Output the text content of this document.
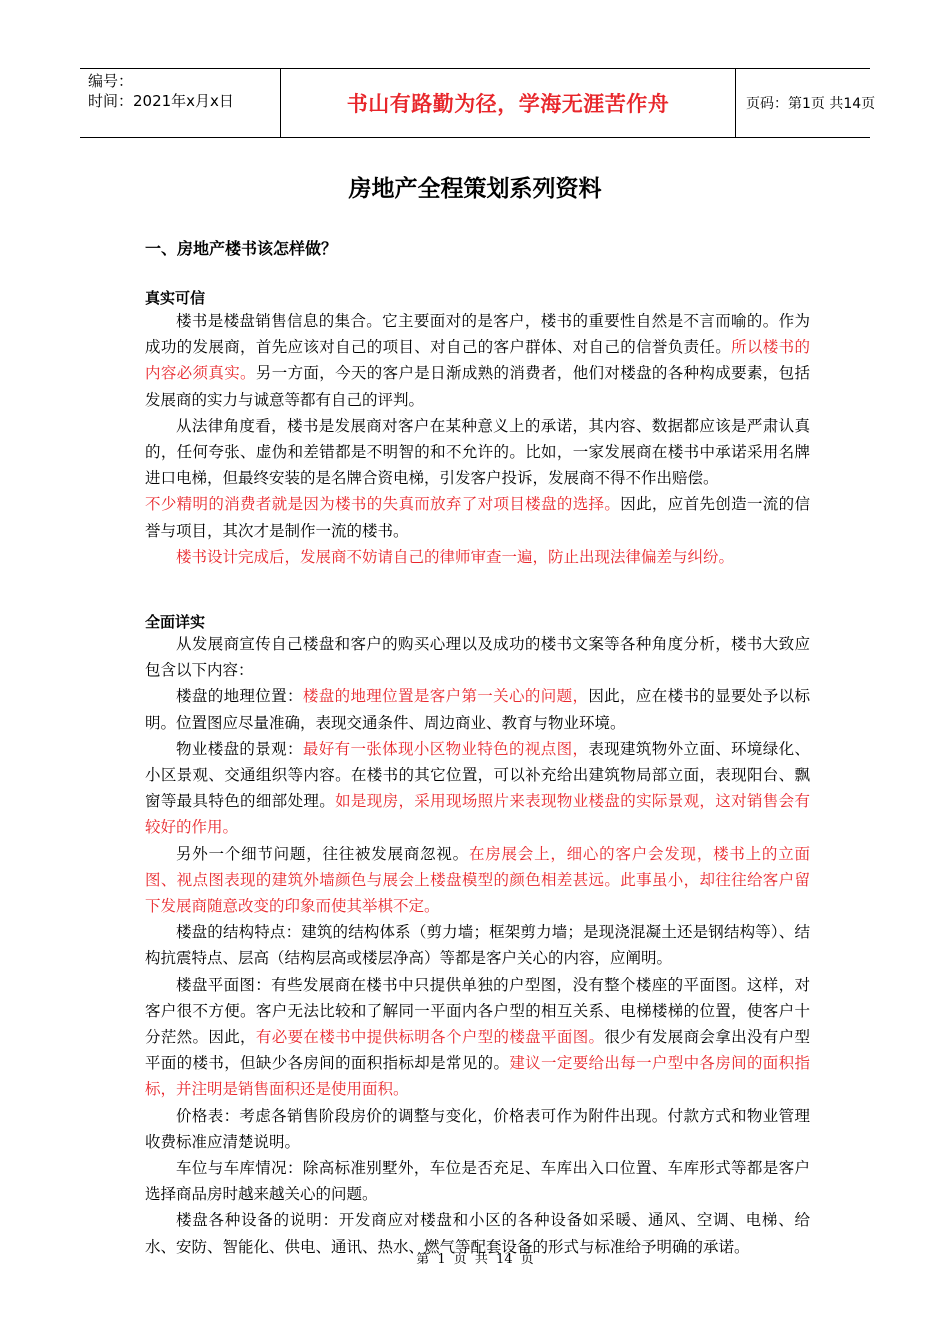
编号：
时间：2021年x月x日	书山有路勤为径，学海无涯苦作舟	页码：第1页 共14页
房地产全程策划系列资料
一、房地产楼书该怎样做？
真实可信

楼书是楼盘销售信息的集合。它主要面对的是客户，楼书的重要性自然是不言而喻的。作为成功的发展商，首先应该对自己的项目、对自己的客户群体、对自己的信誉负责任。所以楼书的内容必须真实。另一方面，今天的客户是日渐成熟的消费者，他们对楼盘的各种构成要素，包括发展商的实力与诚意等都有自己的评判。

从法律角度看，楼书是发展商对客户在某种意义上的承诺，其内容、数据都应该是严肃认真的，任何夸张、虚伪和差错都是不明智的和不允许的。比如，一家发展商在楼书中承诺采用名牌进口电梯，但最终安装的是名牌合资电梯，引发客户投诉，发展商不得不作出赔偿。

不少精明的消费者就是因为楼书的失真而放弃了对项目楼盘的选择。因此，应首先创造一流的信誉与项目，其次才是制作一流的楼书。

楼书设计完成后，发展商不妨请自己的律师审查一遍，防止出现法律偏差与纠纷。

全面详实

从发展商宣传自己楼盘和客户的购买心理以及成功的楼书文案等各种角度分析，楼书大致应包含以下内容：

楼盘的地理位置：楼盘的地理位置是客户第一关心的问题，因此，应在楼书的显要处予以标明。位置图应尽量准确，表现交通条件、周边商业、教育与物业环境。

物业楼盘的景观：最好有一张体现小区物业特色的视点图，表现建筑物外立面、环境绿化、小区景观、交通组织等内容。在楼书的其它位置，可以补充给出建筑物局部立面，表现阳台、飘窗等最具特色的细部处理。如是现房，采用现场照片来表现物业楼盘的实际景观，这对销售会有较好的作用。

另外一个细节问题，往往被发展商忽视。在房展会上，细心的客户会发现，楼书上的立面图、视点图表现的建筑外墙颜色与展会上楼盘模型的颜色相差甚远。此事虽小，却往往给客户留下发展商随意改变的印象而使其举棋不定。

楼盘的结构特点：建筑的结构体系（剪力墙；框架剪力墙；是现浇混凝土还是钢结构等）、结构抗震特点、层高（结构层高或楼层净高）等都是客户关心的内容，应阐明。

楼盘平面图：有些发展商在楼书中只提供单独的户型图，没有整个楼座的平面图。这样，对客户很不方便。客户无法比较和了解同一平面内各户型的相互关系、电梯楼梯的位置，使客户十分茫然。因此，有必要在楼书中提供标明各个户型的楼盘平面图。很少有发展商会拿出没有户型平面的楼书，但缺少各房间的面积指标却是常见的。建议一定要给出每一户型中各房间的面积指标，并注明是销售面积还是使用面积。

价格表：考虑各销售阶段房价的调整与变化，价格表可作为附件出现。付款方式和物业管理收费标准应清楚说明。

车位与车库情况：除高标准别墅外，车位是否充足、车库出入口位置、车库形式等都是客户选择商品房时越来越关心的问题。

楼盘各种设备的说明：开发商应对楼盘和小区的各种设备如采暖、通风、空调、电梯、给水、安防、智能化、供电、通讯、热水、燃气等配套设备的形式与标准给予明确的承诺。

第 1 页 共 14 页
